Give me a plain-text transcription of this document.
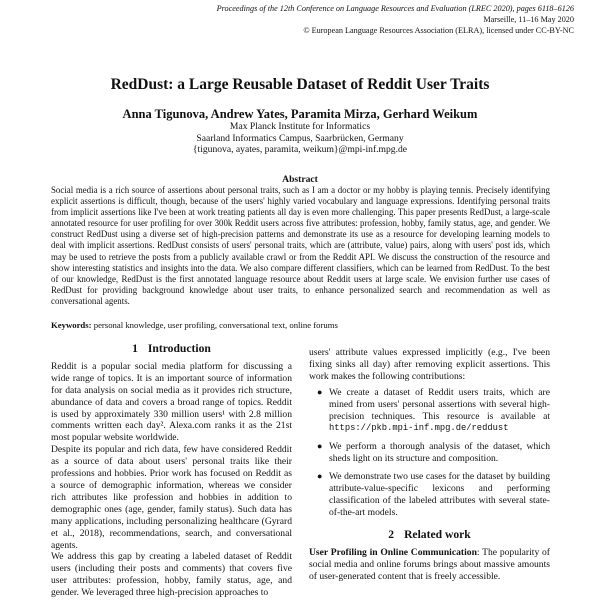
Proceedings of the 12th Conference on Language Resources and Evaluation (LREC 2020), pages 6118–6126
Marseille, 11–16 May 2020
© European Language Resources Association (ELRA), licensed under CC-BY-NC
RedDust: a Large Reusable Dataset of Reddit User Traits
Anna Tigunova, Andrew Yates, Paramita Mirza, Gerhard Weikum
Max Planck Institute for Informatics
Saarland Informatics Campus, Saarbrücken, Germany
{tigunova, ayates, paramita, weikum}@mpi-inf.mpg.de
Abstract
Social media is a rich source of assertions about personal traits, such as I am a doctor or my hobby is playing tennis. Precisely identifying explicit assertions is difficult, though, because of the users' highly varied vocabulary and language expressions. Identifying personal traits from implicit assertions like I've been at work treating patients all day is even more challenging. This paper presents RedDust, a large-scale annotated resource for user profiling for over 300k Reddit users across five attributes: profession, hobby, family status, age, and gender. We construct RedDust using a diverse set of high-precision patterns and demonstrate its use as a resource for developing learning models to deal with implicit assertions. RedDust consists of users' personal traits, which are (attribute, value) pairs, along with users' post ids, which may be used to retrieve the posts from a publicly available crawl or from the Reddit API. We discuss the construction of the resource and show interesting statistics and insights into the data. We also compare different classifiers, which can be learned from RedDust. To the best of our knowledge, RedDust is the first annotated language resource about Reddit users at large scale. We envision further use cases of RedDust for providing background knowledge about user traits, to enhance personalized search and recommendation as well as conversational agents.
Keywords: personal knowledge, user profiling, conversational text, online forums
1 Introduction

Reddit is a popular social media platform for discussing a wide range of topics. It is an important source of information for data analysis on social media as it provides rich structure, abundance of data and covers a broad range of topics. Reddit is used by approximately 330 million users¹ with 2.8 million comments written each day². Alexa.com ranks it as the 21st most popular website worldwide.

Despite its popular and rich data, few have considered Reddit as a source of data about users' personal traits like their professions and hobbies. Prior work has focused on Reddit as a source of demographic information, whereas we consider rich attributes like profession and hobbies in addition to demographic ones (age, gender, family status). Such data has many applications, including personalizing healthcare (Gyrard et al., 2018), recommendations, search, and conversational agents.

We address this gap by creating a labeled dataset of Reddit users (including their posts and comments) that covers five user attributes: profession, hobby, family status, age, and gender. We leveraged three high-precision approaches to

users' attribute values expressed implicitly (e.g., I've been fixing sinks all day) after removing explicit assertions. This work makes the following contributions:

● We create a dataset of Reddit users traits, which are mined from users' personal assertions with several high-precision techniques. This resource is available at https://pkb.mpi-inf.mpg.de/reddust
● We perform a thorough analysis of the dataset, which sheds light on its structure and composition.
● We demonstrate two use cases for the dataset by building attribute-value-specific lexicons and performing classification of the labeled attributes with several state-of-the-art models.
2 Related work

User Profiling in Online Communication: The popularity of social media and online forums brings about massive amounts of user-generated content that is freely accessible.
